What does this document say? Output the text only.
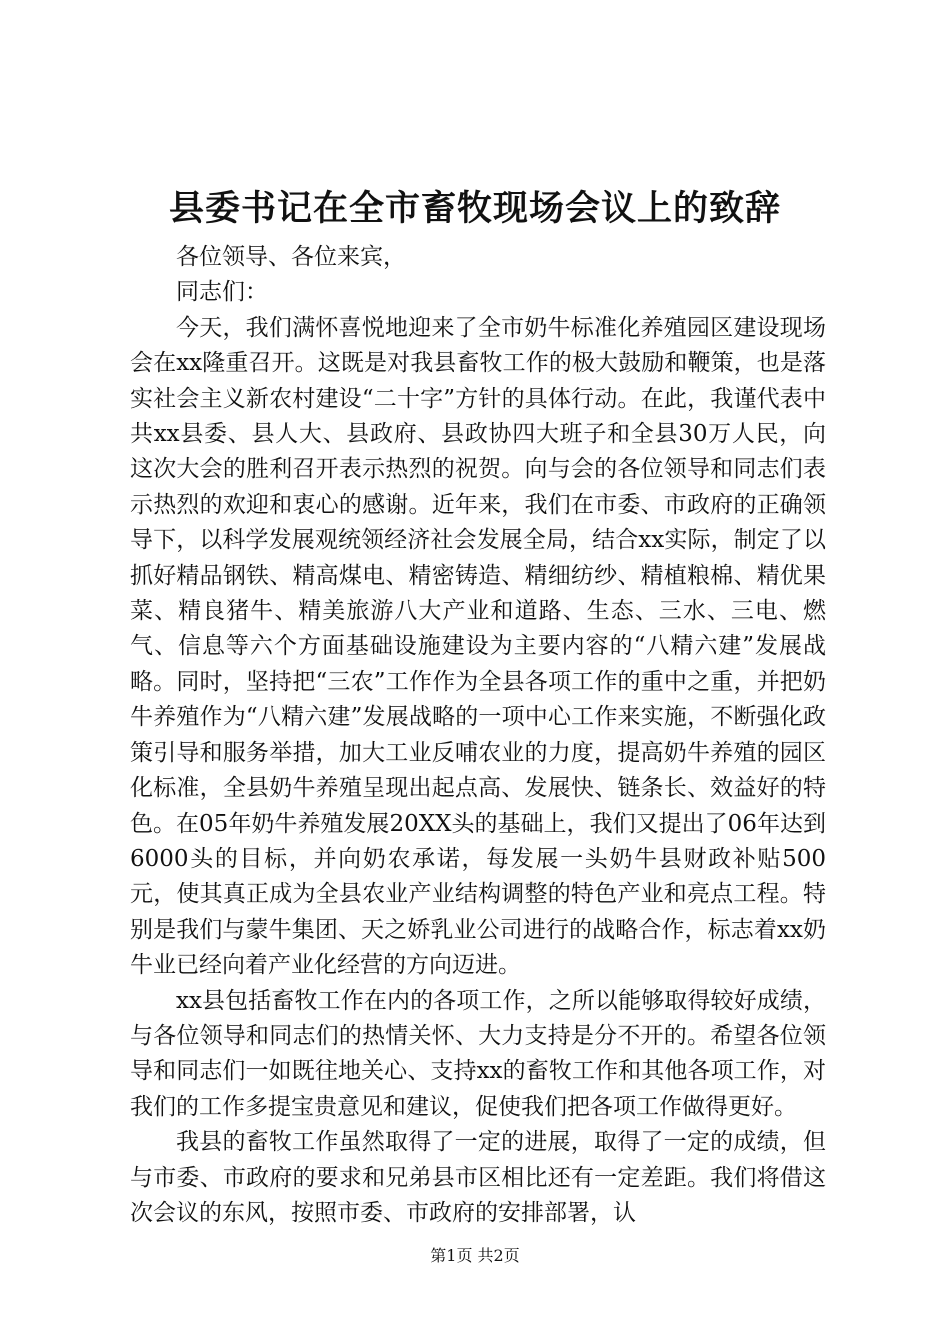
县委书记在全市畜牧现场会议上的致辞
各位领导、各位来宾，
同志们：

今天，我们满怀喜悦地迎来了全市奶牛标准化养殖园区建设现场会在xx隆重召开。这既是对我县畜牧工作的极大鼓励和鞭策，也是落实社会主义新农村建设“二十字”方针的具体行动。在此，我谨代表中共xx县委、县人大、县政府、县政协四大班子和全县30万人民，向这次大会的胜利召开表示热烈的祝贺。向与会的各位领导和同志们表示热烈的欢迎和衷心的感谢。近年来，我们在市委、市政府的正确领导下，以科学发展观统领经济社会发展全局，结合xx实际，制定了以抓好精品钢铁、精高煤电、精密铸造、精细纺纱、精植粮棉、精优果菜、精良猪牛、精美旅游八大产业和道路、生态、三水、三电、燃气、信息等六个方面基础设施建设为主要内容的“八精六建”发展战略。同时，坚持把“三农”工作作为全县各项工作的重中之重，并把奶牛养殖作为“八精六建”发展战略的一项中心工作来实施，不断强化政策引导和服务举措，加大工业反哺农业的力度，提高奶牛养殖的园区化标准，全县奶牛养殖呈现出起点高、发展快、链条长、效益好的特色。在05年奶牛养殖发展20XX头的基础上，我们又提出了06年达到6000头的目标，并向奶农承诺，每发展一头奶牛县财政补贴500元，使其真正成为全县农业产业结构调整的特色产业和亮点工程。特别是我们与蒙牛集团、天之娇乳业公司进行的战略合作，标志着xx奶牛业已经向着产业化经营的方向迈进。

xx县包括畜牧工作在内的各项工作，之所以能够取得较好成绩，与各位领导和同志们的热情关怀、大力支持是分不开的。希望各位领导和同志们一如既往地关心、支持xx的畜牧工作和其他各项工作，对我们的工作多提宝贵意见和建议，促使我们把各项工作做得更好。

我县的畜牧工作虽然取得了一定的进展，取得了一定的成绩，但与市委、市政府的要求和兄弟县市区相比还有一定差距。我们将借这次会议的东风，按照市委、市政府的安排部署，认

第1页 共2页
